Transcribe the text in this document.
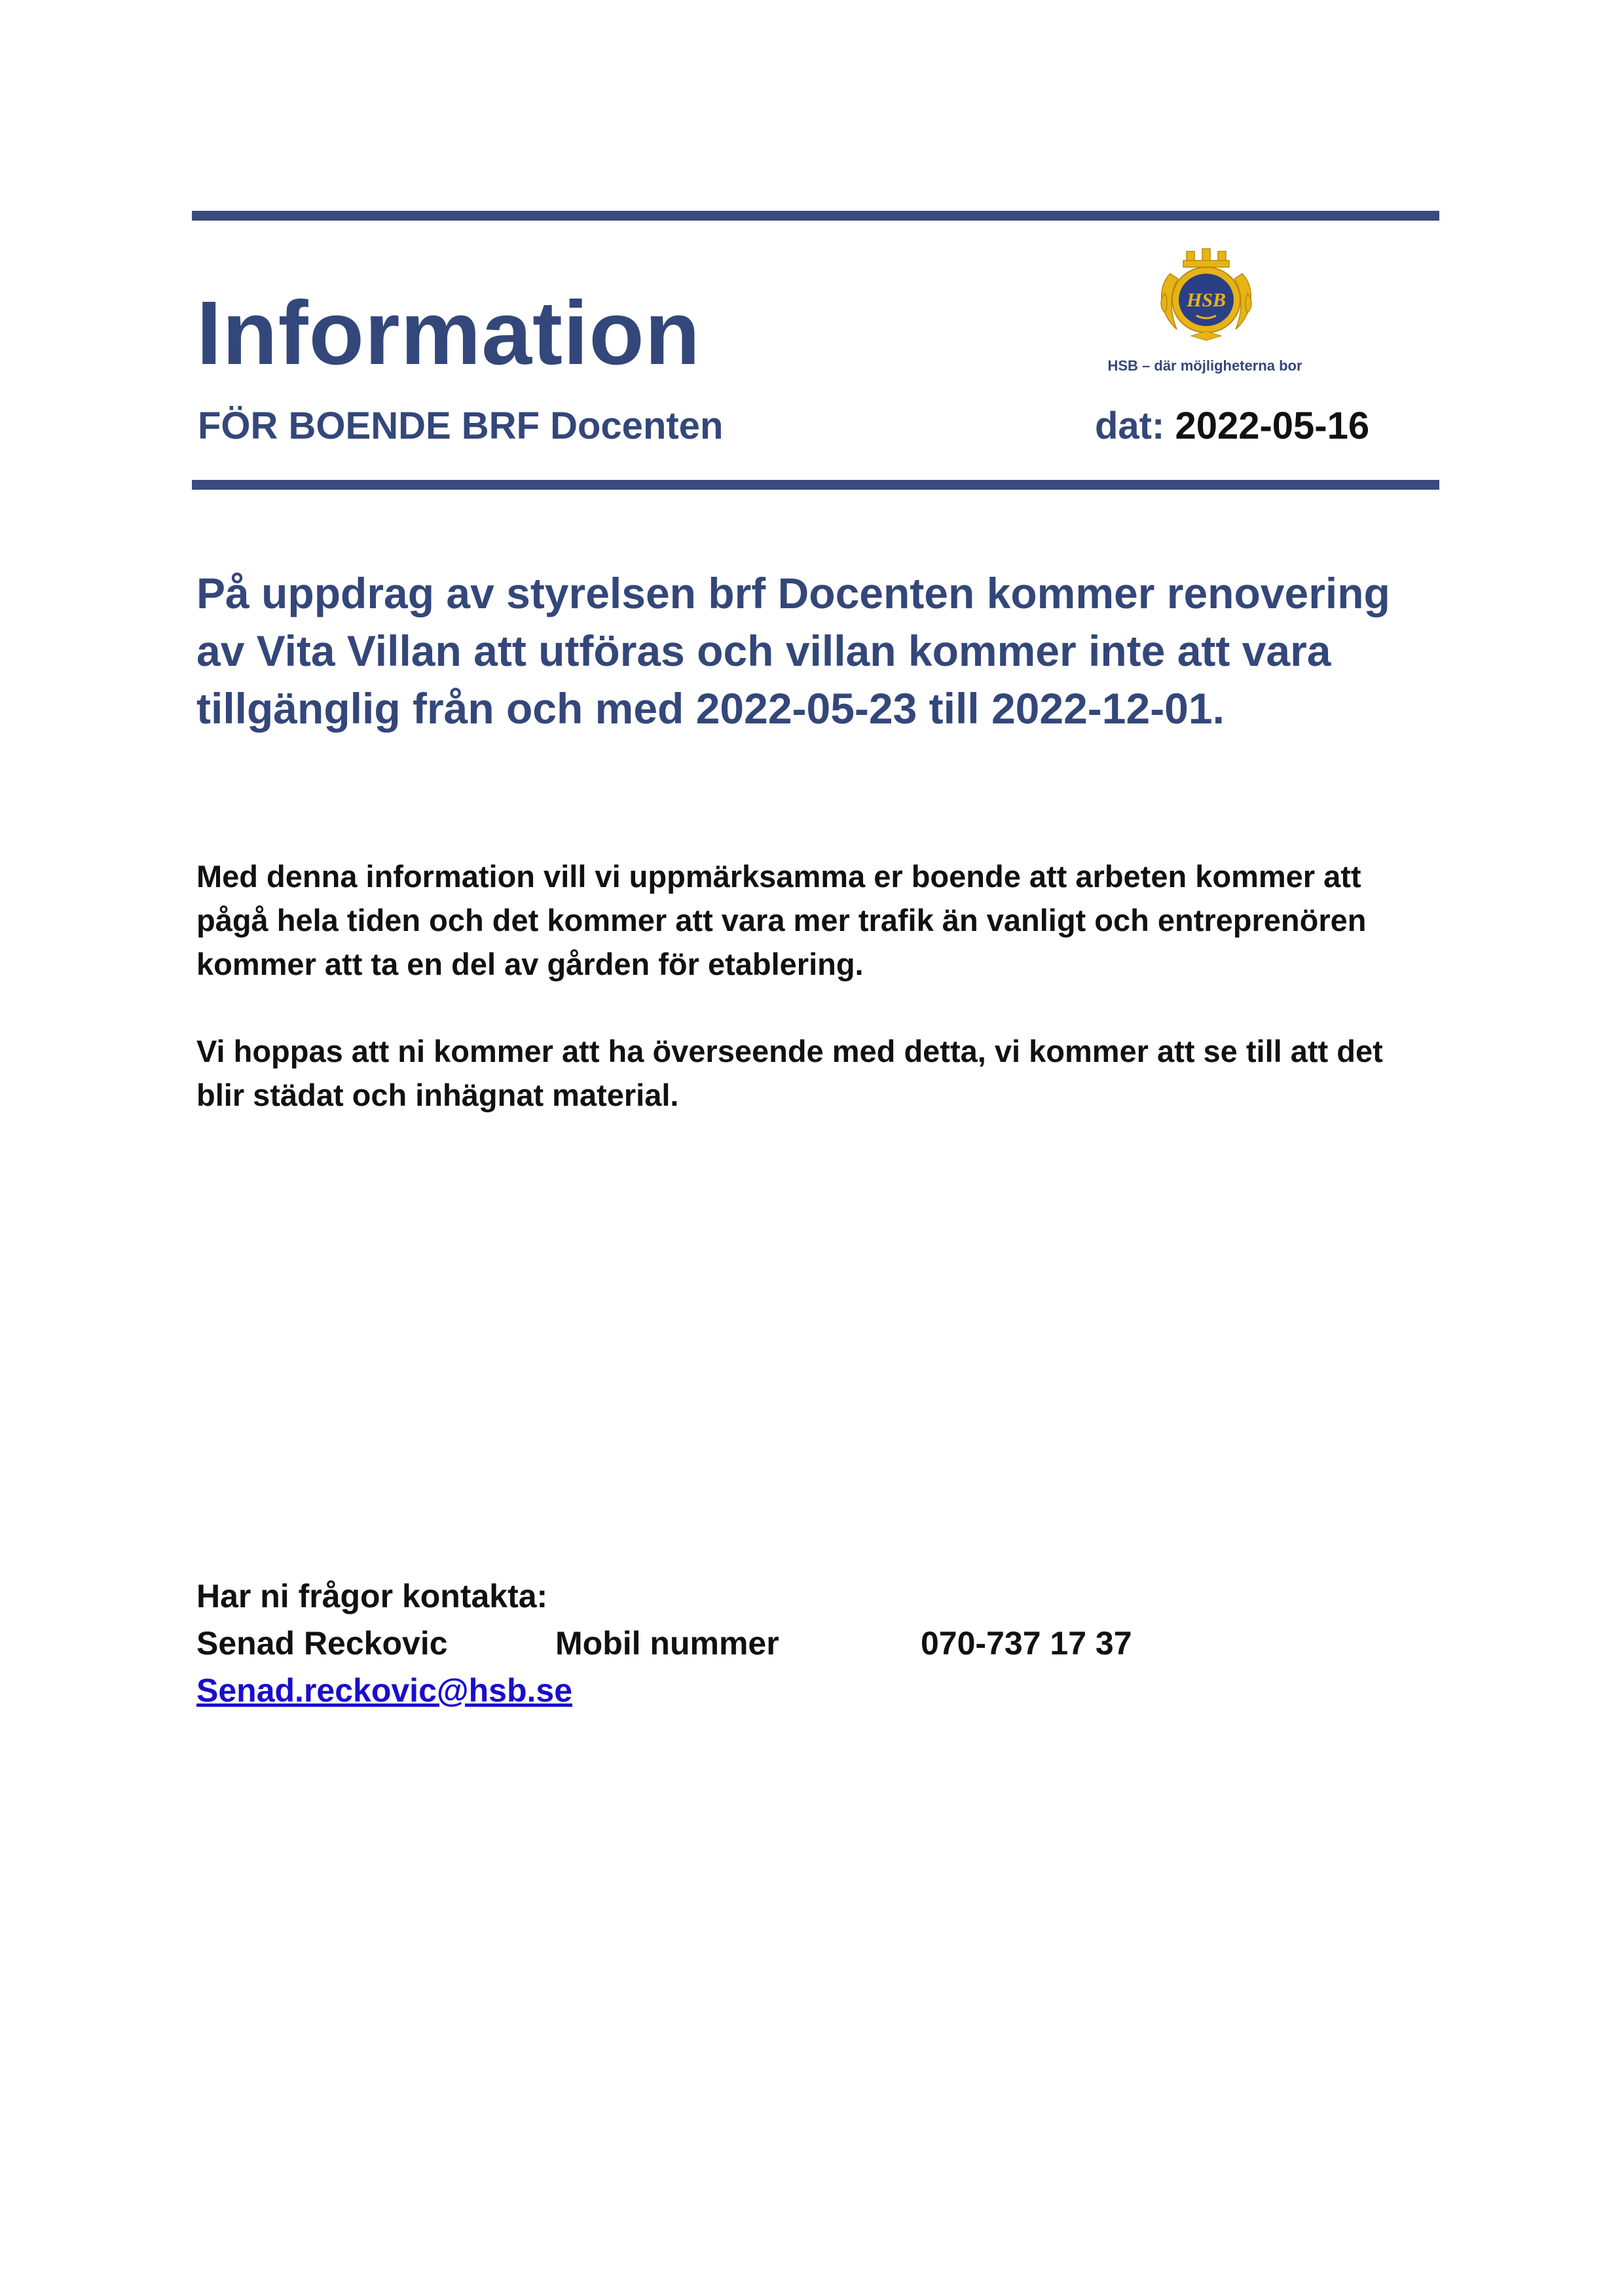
Information	HSB
HSB – där möjligheterna bor
FÖR BOENDE BRF Docenten	dat: 2022-05-16
På uppdrag av styrelsen brf Docenten kommer renovering
av Vita Villan att utföras och villan kommer inte att vara
tillgänglig från och med 2022-05-23 till 2022-12-01.
Med denna information vill vi uppmärksamma er boende att arbeten kommer att
pågå hela tiden och det kommer att vara mer trafik än vanligt och entreprenören
kommer att ta en del av gården för etablering.
Vi hoppas att ni kommer att ha överseende med detta, vi kommer att se till att det
blir städat och inhägnat material.
Har ni frågor kontakta:
Senad Reckovic	Mobil nummer	070-737 17 37
Senad.reckovic@hsb.se
